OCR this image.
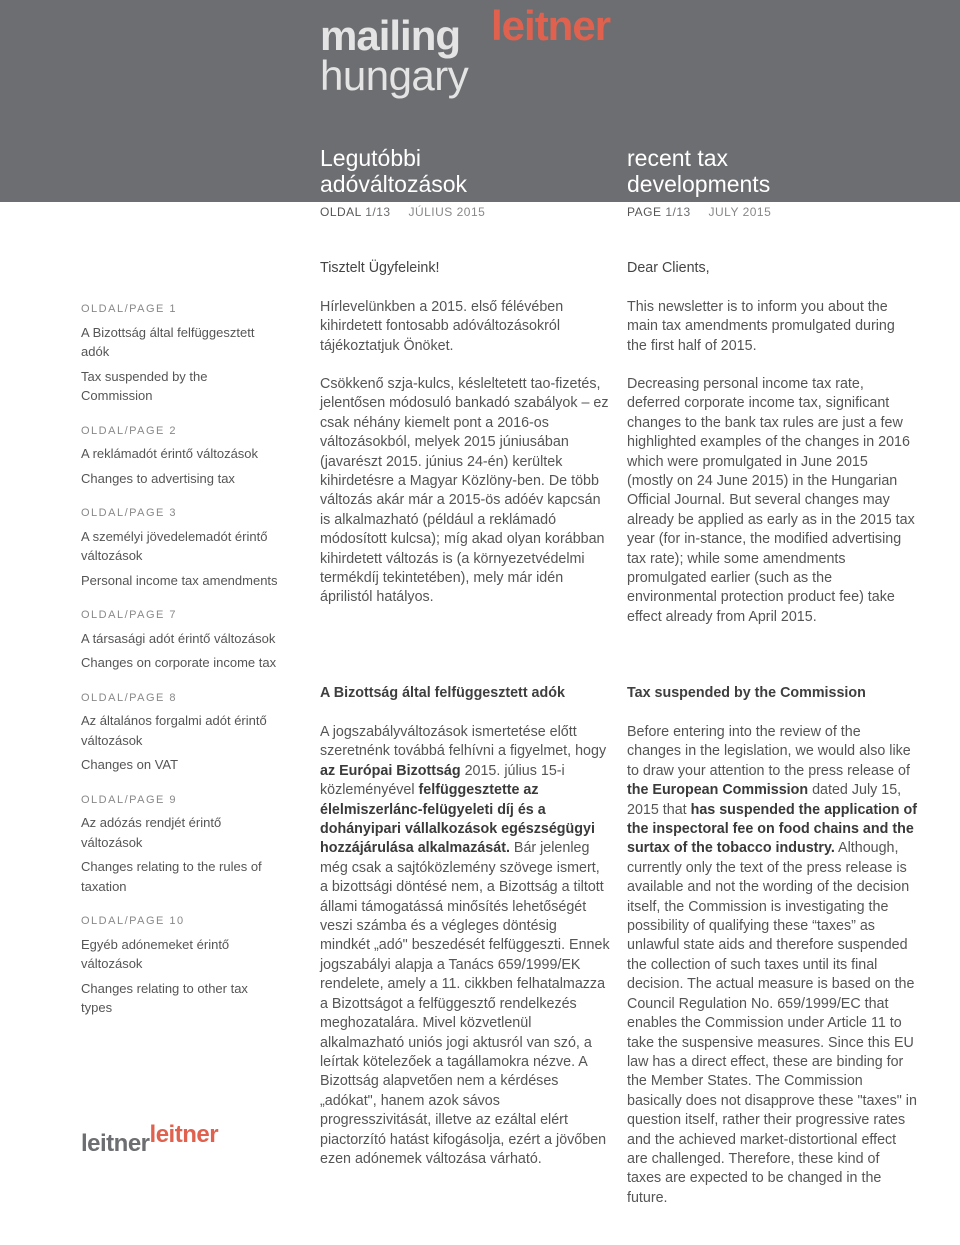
mailing leitner
hungary
Legutóbbi adóváltozások
recent tax developments
OLDAL 1/13 JÚLIUS 2015	PAGE 1/13 JULY 2015
OLDAL/PAGE 1
A Bizottság által felfüggesztett adók
Tax suspended by the Commission
OLDAL/PAGE 2
A reklámadót érintő változások
Changes to advertising tax
OLDAL/PAGE 3
A személyi jövedelemadót érintő változások
Personal income tax amendments
OLDAL/PAGE 7
A társasági adót érintő változások
Changes on corporate income tax
OLDAL/PAGE 8
Az általános forgalmi adót érintő változások
Changes on VAT
OLDAL/PAGE 9
Az adózás rendjét érintő változások
Changes relating to the rules of taxation
OLDAL/PAGE 10
Egyéb adónemeket érintő változások
Changes relating to other tax types
leitnerleitner

Tisztelt Ügyfeleink!

Hírlevelünkben a 2015. első félévében kihirdetett fontosabb adóváltozásokról tájékoztatjuk Önöket.

Csökkenő szja-kulcs, késleltetett tao-fizetés, jelentősen módosuló bankadó szabályok – ez csak néhány kiemelt pont a 2016-os változásokból, melyek 2015 júniusában (javarészt 2015. június 24-én) kerültek kihirdetésre a Magyar Közlöny-ben. De több változás akár már a 2015-ös adóév kapcsán is alkalmazható (például a reklámadó módosított kulcsa); míg akad olyan korábban kihirdetett változás is (a környezetvédelmi termékdíj tekintetében), mely már idén áprilistól hatályos.

A Bizottság által felfüggesztett adók

A jogszabályváltozások ismertetése előtt szeretnénk továbbá felhívni a figyelmet, hogy az Európai Bizottság 2015. július 15-i közleményével felfüggesztette az élelmiszerlánc-felügyeleti díj és a dohányipari vállalkozások egészségügyi hozzájárulása alkalmazását. Bár jelenleg még csak a sajtóközlemény szövege ismert, a bizottsági döntésé nem, a Bizottság a tiltott állami támogatássá minősítés lehetőségét veszi számba és a végleges döntésig mindkét „adó" beszedését felfüggeszti. Ennek jogszabályi alapja a Tanács 659/1999/EK rendelete, amely a 11. cikkben felhatalmazza a Bizottságot a felfüggesztő rendelkezés meghozatalára. Mivel közvetlenül alkalmazható uniós jogi aktusról van szó, a leírtak kötelezőek a tagállamokra nézve. A Bizottság alapvetően nem a kérdéses „adókat", hanem azok sávos progresszivitását, illetve az ezáltal elért piactorzító hatást kifogásolja, ezért a jövőben ezen adónemek változása várható.

Dear Clients,

This newsletter is to inform you about the main tax amendments promulgated during the first half of 2015.

Decreasing personal income tax rate, deferred corporate income tax, significant changes to the bank tax rules are just a few highlighted examples of the changes in 2016 which were promulgated in June 2015 (mostly on 24 June 2015) in the Hungarian Official Journal. But several changes may already be applied as early as in the 2015 tax year (for in-stance, the modified advertising tax rate); while some amendments promulgated earlier (such as the environmental protection product fee) take effect already from April 2015.

Tax suspended by the Commission

Before entering into the review of the changes in the legislation, we would also like to draw your attention to the press release of the European Commission dated July 15, 2015 that has suspended the application of the inspectoral fee on food chains and the surtax of the tobacco industry. Although, currently only the text of the press release is available and not the wording of the decision itself, the Commission is investigating the possibility of qualifying these “taxes” as unlawful state aids and therefore suspended the collection of such taxes until its final decision. The actual measure is based on the Council Regulation No. 659/1999/EC that enables the Commission under Article 11 to take the suspensive measures. Since this EU law has a direct effect, these are binding for the Member States. The Commission basically does not disapprove these "taxes" in question itself, rather their progressive rates and the achieved market-distortional effect are challenged. Therefore, these kind of taxes are expected to be changed in the future.
